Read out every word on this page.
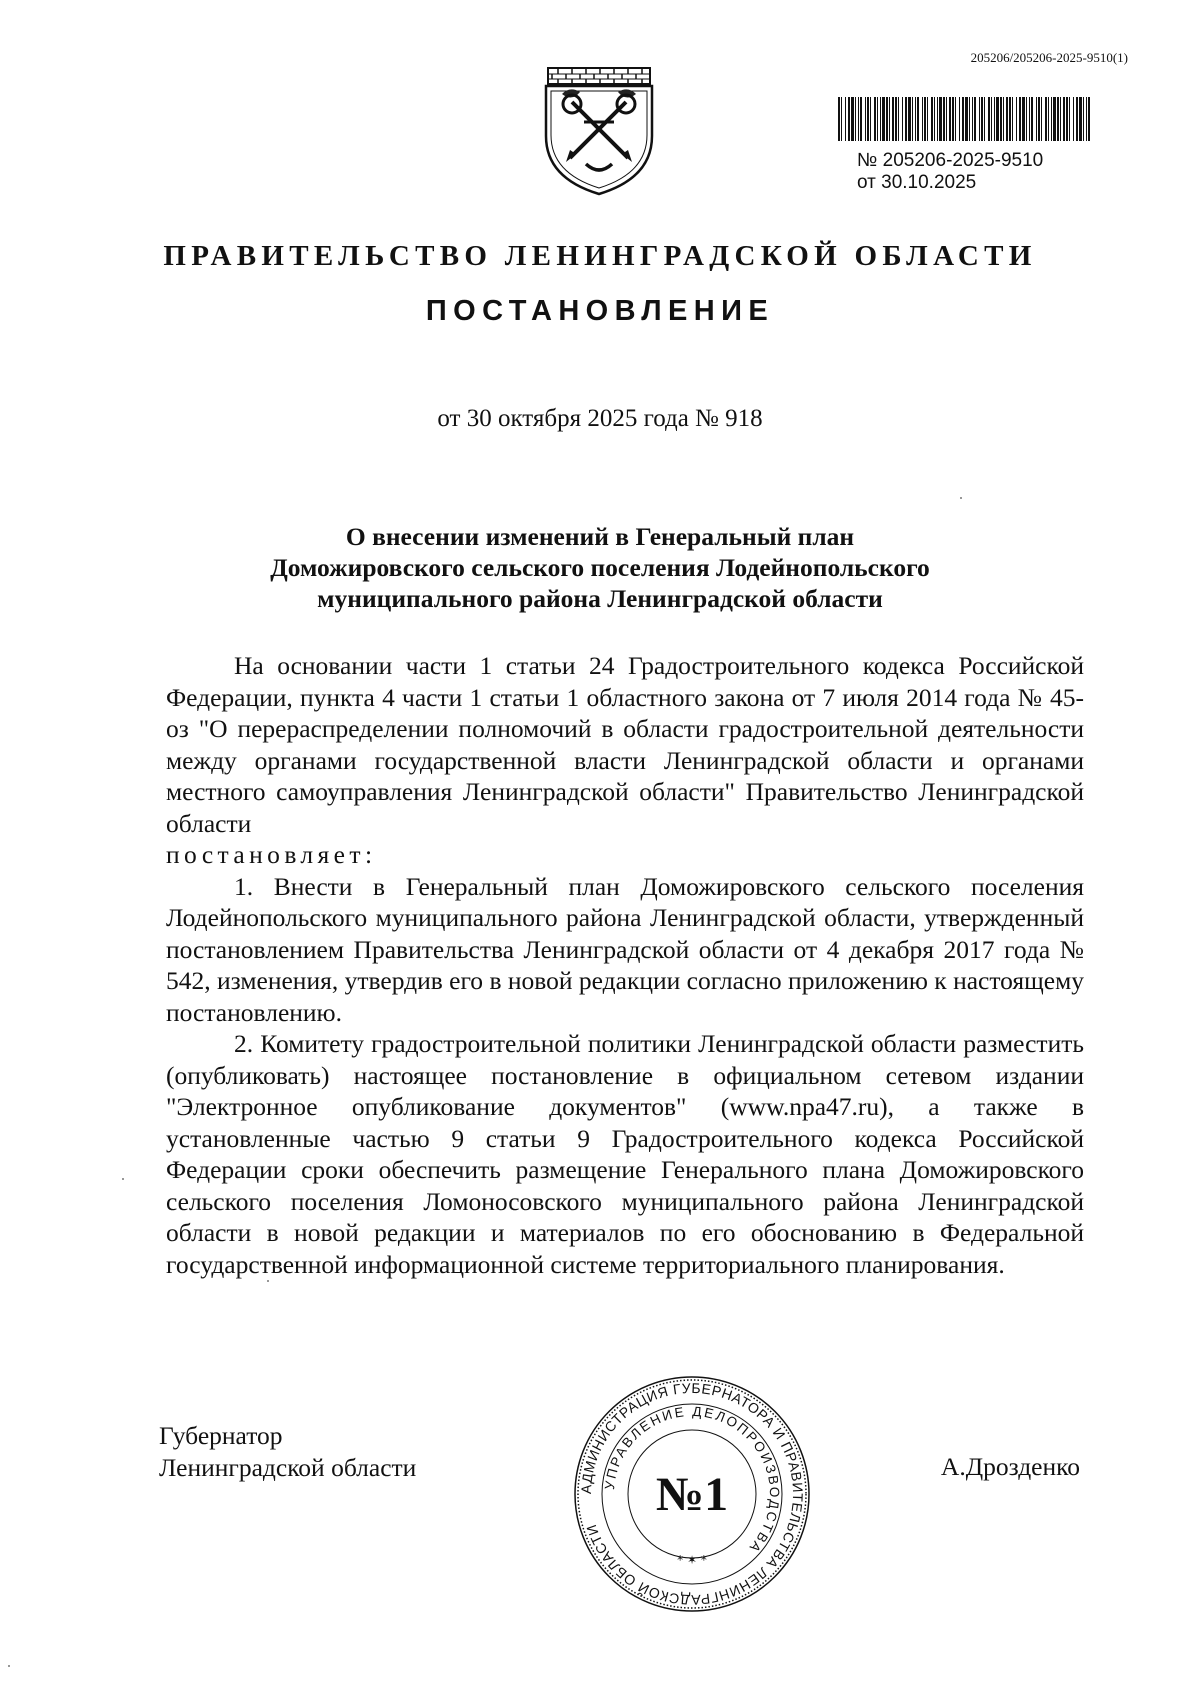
205206/205206-2025-9510(1)
№ 205206-2025-9510
от 30.10.2025
ПРАВИТЕЛЬСТВО ЛЕНИНГРАДСКОЙ ОБЛАСТИ
ПОСТАНОВЛЕНИЕ
от 30 октября 2025 года № 918
О внесении изменений в Генеральный план
Доможировского сельского поселения Лодейнопольского
муниципального района Ленинградской области

На основании части 1 статьи 24 Градостроительного кодекса Российской Федерации, пункта 4 части 1 статьи 1 областного закона от 7 июля 2014 года № 45-оз "О перераспределении полномочий в области градостроительной деятельности между органами государственной власти Ленинградской области и органами местного самоуправления Ленинградской области" Правительство Ленинградской области

постановляет:

1. Внести в Генеральный план Доможировского сельского поселения Лодейнопольского муниципального района Ленинградской области, утвержденный постановлением Правительства Ленинградской области от 4 декабря 2017 года № 542, изменения, утвердив его в новой редакции согласно приложению к настоящему постановлению.

2. Комитету градостроительной политики Ленинградской области разместить (опубликовать) настоящее постановление в официальном сетевом издании "Электронное опубликование документов" (www.npa47.ru), а также в установленные частью 9 статьи 9 Градостроительного кодекса Российской Федерации сроки обеспечить размещение Генерального плана Доможировского сельского поселения Ломоносовского муниципального района Ленинградской области в новой редакции и материалов по его обоснованию в Федеральной государственной информационной системе территориального планирования.

Губернатор
Ленинградской области	А.Дрозденко
АДМИНИСТРАЦИЯ ГУБЕРНАТОРА И ПРАВИТЕЛЬСТВА ЛЕНИНГРАДСКОЙ ОБЛАСТИ
УПРАВЛЕНИЕ ДЕЛОПРОИЗВОДСТВА
№1
* ✶ *
